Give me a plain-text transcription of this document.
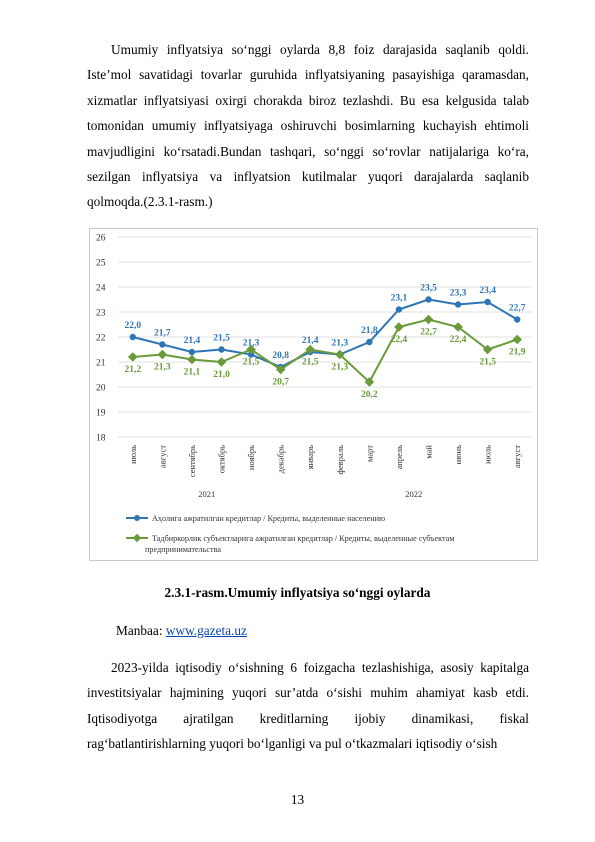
Umumiy inflyatsiya so‘nggi oylarda 8,8 foiz darajasida saqlanib qoldi. Iste’mol savatidagi tovarlar guruhida inflyatsiyaning pasayishiga qaramasdan, xizmatlar inflyatsiyasi oxirgi chorakda biroz tezlashdi. Bu esa kelgusida talab tomonidan umumiy inflyatsiyaga oshiruvchi bosimlarning kuchayish ehtimoli mavjudligini ko‘rsatadi.Bundan tashqari, so‘nggi so‘rovlar natijalariga ko‘ra, sezilgan inflyatsiya va inflyatsion kutilmalar yuqori darajalarda saqlanib qolmoqda.(2.3.1-rasm.)

18
19
20
21
22
23
24
25
26
июль август сентябрь октябрь ноябрь декабрь январь февраль март апрель май июнь июль август
22,0
21,7
21,4 21,5 21,3
20,8
21,4 21,3
21,8
23,1
23,5 23,3 23,4
22,7
21,2 21,3 21,1 21,0
21,5
20,7
21,5 21,3
20,2
22,4
22,7
22,4
21,5
21,9
2021	2022
Аҳолига ажратилган кредитлар / Кредиты, выделенные населению
Тадбиркорлик субъектларига ажратилган кредитлар / Кредиты, выделенные субъектам предпринимательства
2.3.1-rasm.Umumiy inflyatsiya so‘nggi oylarda
Manbaa: www.gazeta.uz

2023-yilda iqtisodiy o‘sishning 6 foizgacha tezlashishiga, asosiy kapitalga investitsiyalar hajmining yuqori sur’atda o‘sishi muhim ahamiyat kasb etdi. Iqtisodiyotga ajratilgan kreditlarning ijobiy dinamikasi, fiskal rag‘batlantirishlarning yuqori bo‘lganligi va pul o‘tkazmalari iqtisodiy o‘sish

13
